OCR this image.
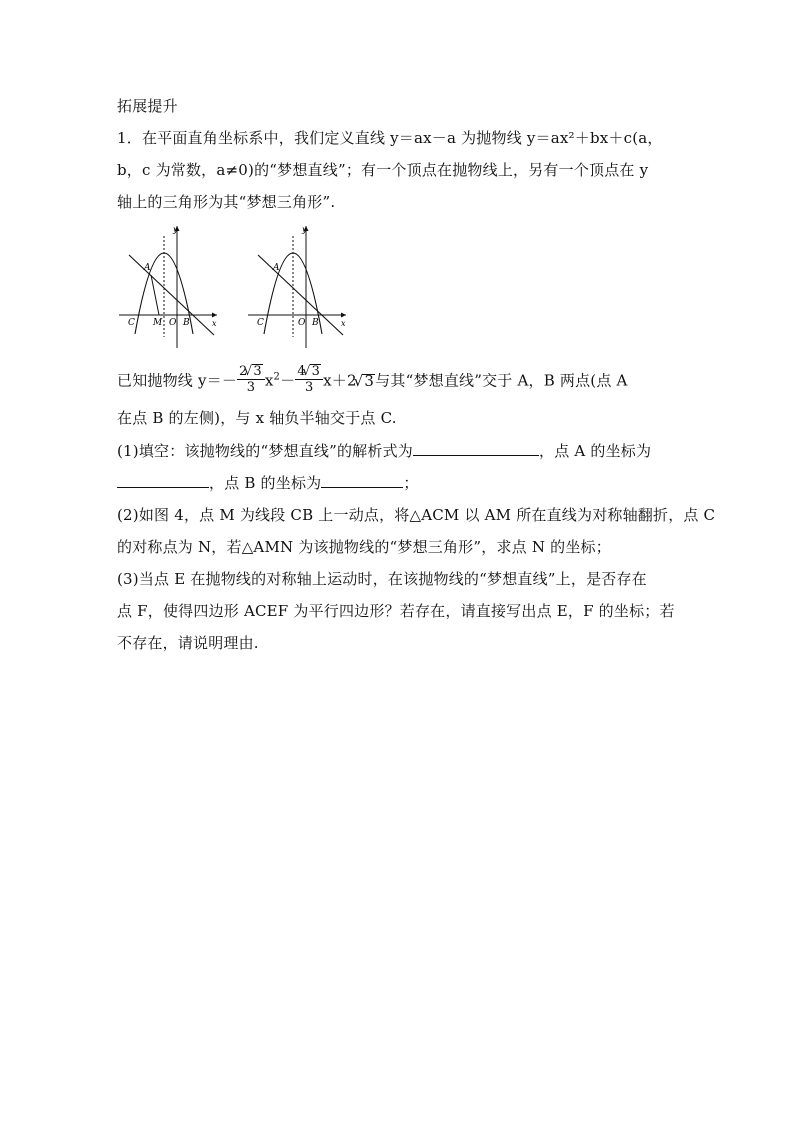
拓展提升
1．在平面直角坐标系中，我们定义直线 y＝ax－a 为抛物线 y＝ax²＋bx＋c(a，
b，c 为常数，a≠0)的“梦想直线”；有一个顶点在抛物线上，另有一个顶点在 y
轴上的三角形为其“梦想三角形”.
y
A
C M O B	x
y
A
C	O B	x
已知抛物线 $y=- \frac{2 √ 3}{3} x^2- \frac{4 √ 3}{3} x+2$ √ 3与其“梦想直线”交于 A，B 两点(点 A
在点 B 的左侧)，与 x 轴负半轴交于点 C.
(1)填空：该抛物线的“梦想直线”的解析式为	，点 A 的坐标为
，点 B 的坐标为	；
(2)如图 4，点 M 为线段 CB 上一动点，将△ACM 以 AM 所在直线为对称轴翻折，点 C
的对称点为 N，若△AMN 为该抛物线的“梦想三角形”，求点 N 的坐标；
(3)当点 E 在抛物线的对称轴上运动时，在该抛物线的“梦想直线”上，是否存在
点 F，使得四边形 ACEF 为平行四边形？若存在，请直接写出点 E，F 的坐标；若
不存在，请说明理由.
